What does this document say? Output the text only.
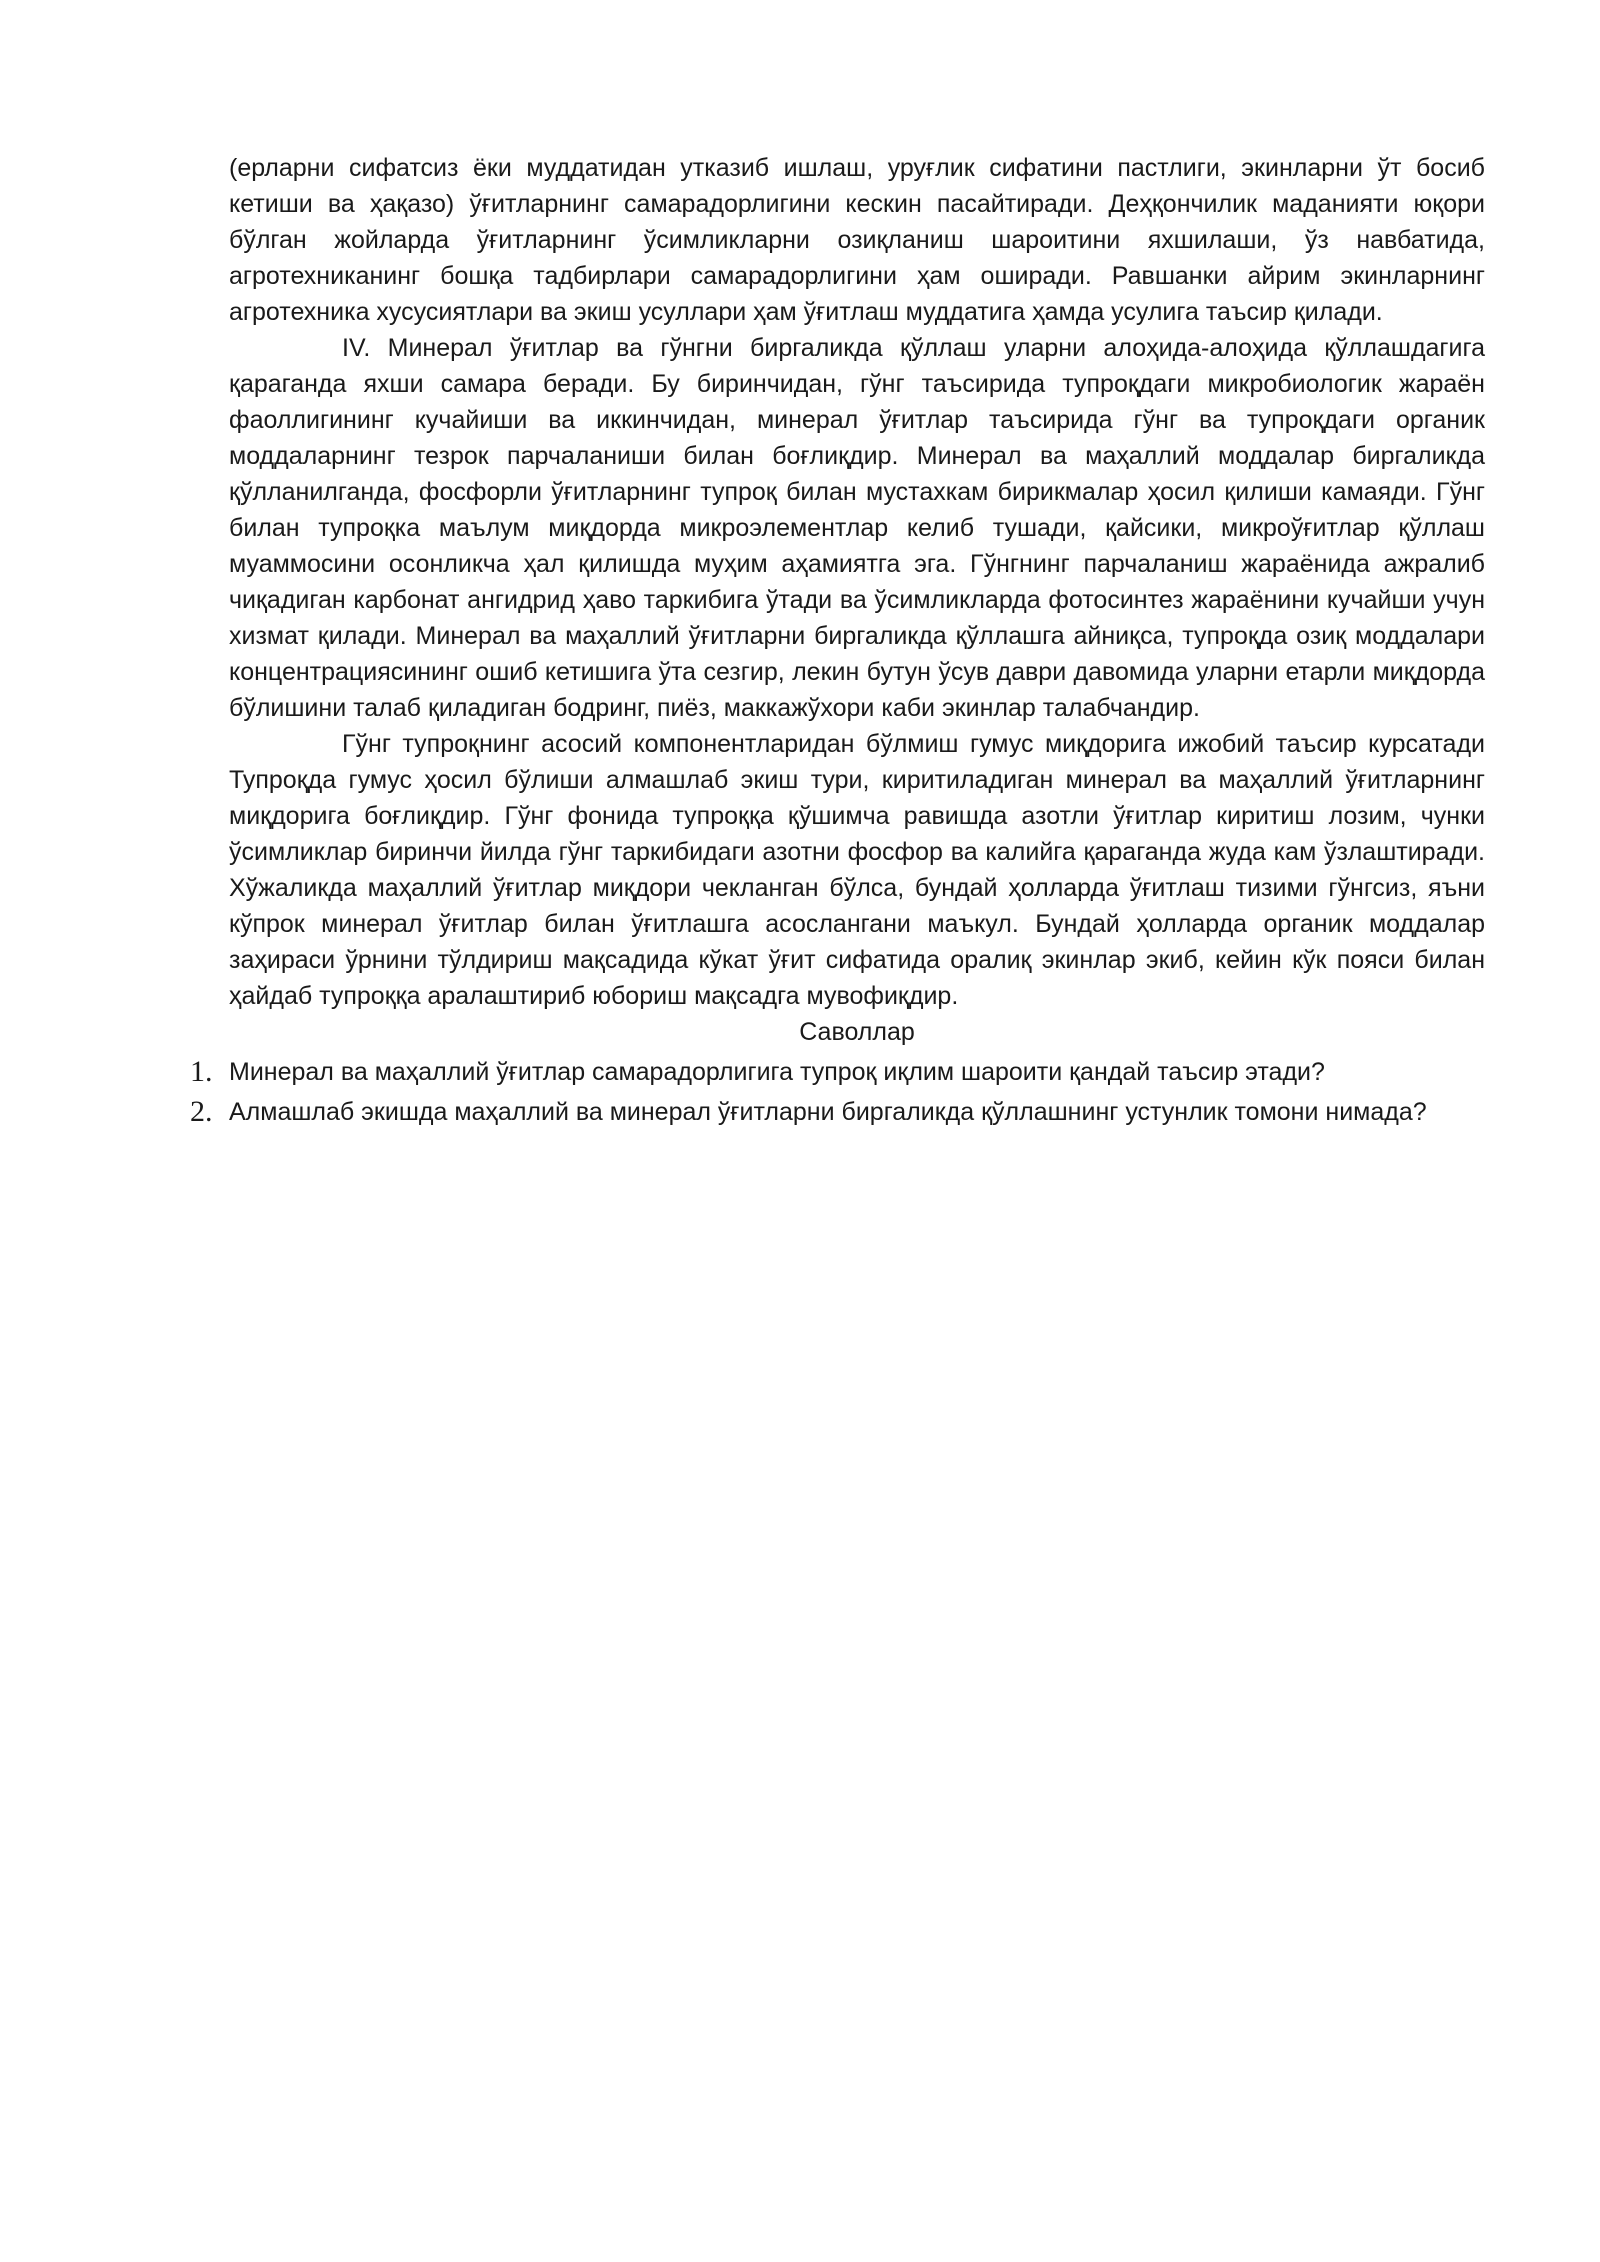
(ерларни сифатсиз ёки муддатидан утказиб ишлаш, уруғлик сифатини пастлиги, экинларни ўт босиб кетиши ва ҳақазо) ўғитларнинг самарадорлигини кескин пасайтиради. Деҳқончилик маданияти юқори бўлган жойларда ўғитларнинг ўсимликларни озиқланиш шароитини яхшилаши, ўз навбатида, агротехниканинг бошқа тадбирлари самарадорлигини ҳам оширади. Равшанки айрим экинларнинг агротехника хусусиятлари ва экиш усуллари ҳам ўғитлаш муддатига ҳамда усулига таъсир қилади.

IV. Минерал ўғитлар ва гўнгни биргаликда қўллаш уларни алоҳида-алоҳида қўллашдагига қараганда яхши самара беради. Бу биринчидан, гўнг таъсирида тупроқдаги микробиологик жараён фаоллигининг кучайиши ва иккинчидан, минерал ўғитлар таъсирида гўнг ва тупроқдаги органик моддаларнинг тезрок парчаланиши билан боғлиқдир. Минерал ва маҳаллий моддалар биргаликда қўлланилганда, фосфорли ўғитларнинг тупроқ билан мустахкам бирикмалар ҳосил қилиши камаяди. Гўнг билан тупроқка маълум миқдорда микроэлементлар келиб тушади, қайсики, микроўғитлар қўллаш муаммосини осонликча ҳал қилишда муҳим аҳамиятга эга. Гўнгнинг парчаланиш жараёнида ажралиб чиқадиган карбонат ангидрид ҳаво таркибига ўтади ва ўсимликларда фотосинтез жараёнини кучайши учун хизмат қилади. Минерал ва маҳаллий ўғитларни биргаликда қўллашга айниқса, тупроқда озиқ моддалари концентрациясининг ошиб кетишига ўта сезгир, лекин бутун ўсув даври давомида уларни етарли миқдорда бўлишини талаб қиладиган бодринг, пиёз, маккажўхори каби экинлар талабчандир.

Гўнг тупроқнинг асосий компонентларидан бўлмиш гумус миқдорига ижобий таъсир курсатади Тупроқда гумус ҳосил бўлиши алмашлаб экиш тури, киритиладиган минерал ва маҳаллий ўғитларнинг миқдорига боғлиқдир. Гўнг фонида тупроққа қўшимча равишда азотли ўғитлар киритиш лозим, чунки ўсимликлар биринчи йилда гўнг таркибидаги азотни фосфор ва калийга қараганда жуда кам ўзлаштиради. Хўжаликда маҳаллий ўғитлар миқдори чекланган бўлса, бундай ҳолларда ўғитлаш тизими гўнгсиз, яъни кўпрок минерал ўғитлар билан ўғитлашга асослангани маъкул. Бундай ҳолларда органик моддалар заҳираси ўрнини тўлдириш мақсадида кўкат ўғит сифатида оралиқ экинлар экиб, кейин кўк пояси билан ҳайдаб тупроққа аралаштириб юбориш мақсадга мувофиқдир.

Саволлар

1. Минерал ва маҳаллий ўғитлар самарадорлигига тупроқ иқлим шароити қандай таъсир этади?
2. Алмашлаб экишда маҳаллий ва минерал ўғитларни биргаликда қўллашнинг устунлик томони нимада?
